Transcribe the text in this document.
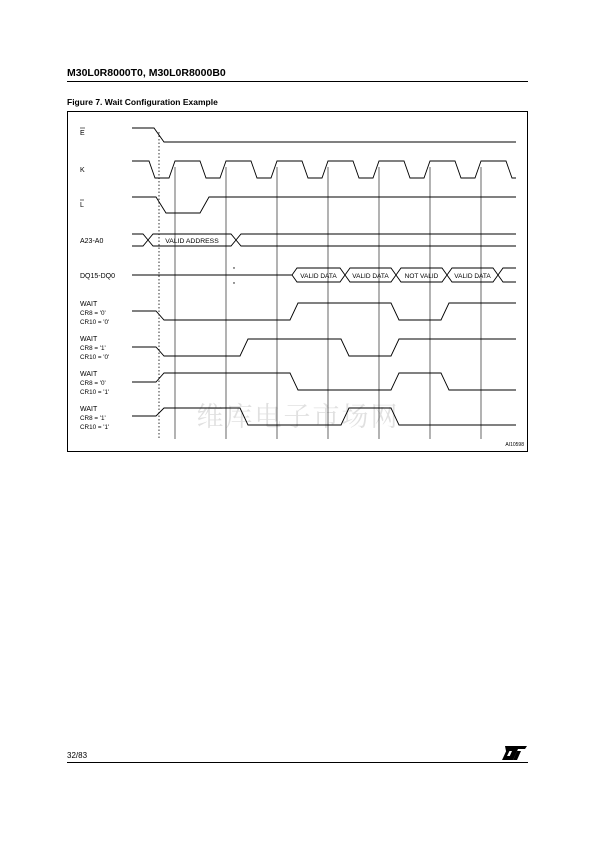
M30L0R8000T0, M30L0R8000B0
Figure 7. Wait Configuration Example
E
K
L
A23-A0
DQ15-DQ0
WAIT
CR8 = '0'
CR10 = '0'
WAIT
CR8 = '1'
CR10 = '0'
WAIT
CR8 = '0'
CR10 = '1'
WAIT
CR8 = '1'
CR10 = '1'
VALID ADDRESS
VALID DATA VALID DATA NOT VALID VALID DATA
AI10598
维库电子市场网
32/83
